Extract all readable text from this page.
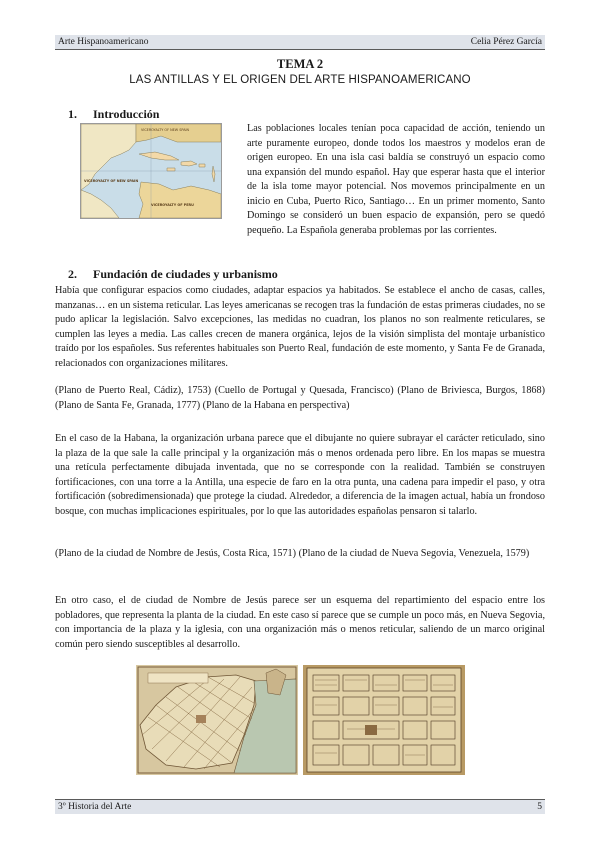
Arte Hispanoamericano	Celia Pérez García
TEMA 2
LAS ANTILLAS Y EL ORIGEN DEL ARTE HISPANOAMERICANO
1. Introducción
VICEROYALTY OF NEW SPAIN
VICEROYALTY OF NEW SPAIN
VICEROYALTY OF PERU

Las poblaciones locales tenían poca capacidad de acción, teniendo un arte puramente europeo, donde todos los maestros y modelos eran de origen europeo. En una isla casi baldía se construyó un espacio como una expansión del mundo español. Hay que esperar hasta que el interior de la isla tome mayor potencial. Nos movemos principalmente en un inicio en Cuba, Puerto Rico, Santiago… En un primer momento, Santo Domingo se consideró un buen espacio de expansión, pero se quedó pequeño. La Española generaba problemas por las corrientes.

2. Fundación de ciudades y urbanismo

Había que configurar espacios como ciudades, adaptar espacios ya habitados. Se establece el ancho de casas, calles, manzanas… en un sistema reticular. Las leyes americanas se recogen tras la fundación de estas primeras ciudades, no se pudo aplicar la legislación. Salvo excepciones, las medidas no cuadran, los planos no son realmente reticulares, se cumplen las leyes a media. Las calles crecen de manera orgánica, lejos de la visión simplista del montaje urbanístico traído por los españoles. Sus referentes habituales son Puerto Real, fundación de este momento, y Santa Fe de Granada, relacionados con organizaciones militares.

(Plano de Puerto Real, Cádiz), 1753) (Cuello de Portugal y Quesada, Francisco) (Plano de Briviesca, Burgos, 1868) (Plano de Santa Fe, Granada, 1777) (Plano de la Habana en perspectiva)

En el caso de la Habana, la organización urbana parece que el dibujante no quiere subrayar el carácter reticulado, sino la plaza de la que sale la calle principal y la organización más o menos ordenada pero libre. En los mapas se muestra una retícula perfectamente dibujada inventada, que no se corresponde con la realidad. También se construyen fortificaciones, con una torre a la Antilla, una especie de faro en la otra punta, una cadena para impedir el paso, y otra fortificación (sobredimensionada) que protege la ciudad. Alrededor, a diferencia de la imagen actual, había un frondoso bosque, con muchas implicaciones espirituales, por lo que las autoridades españolas pensaron si talarlo.

(Plano de la ciudad de Nombre de Jesús, Costa Rica, 1571) (Plano de la ciudad de Nueva Segovia, Venezuela, 1579)

En otro caso, el de ciudad de Nombre de Jesús parece ser un esquema del repartimiento del espacio entre los pobladores, que representa la planta de la ciudad. En este caso sí parece que se cumple un poco más, en Nueva Segovia, con importancia de la plaza y la iglesia, con una organización más o menos reticular, saliendo de un marco original común pero siendo susceptibles al desarrollo.

3º Historia del Arte	5
